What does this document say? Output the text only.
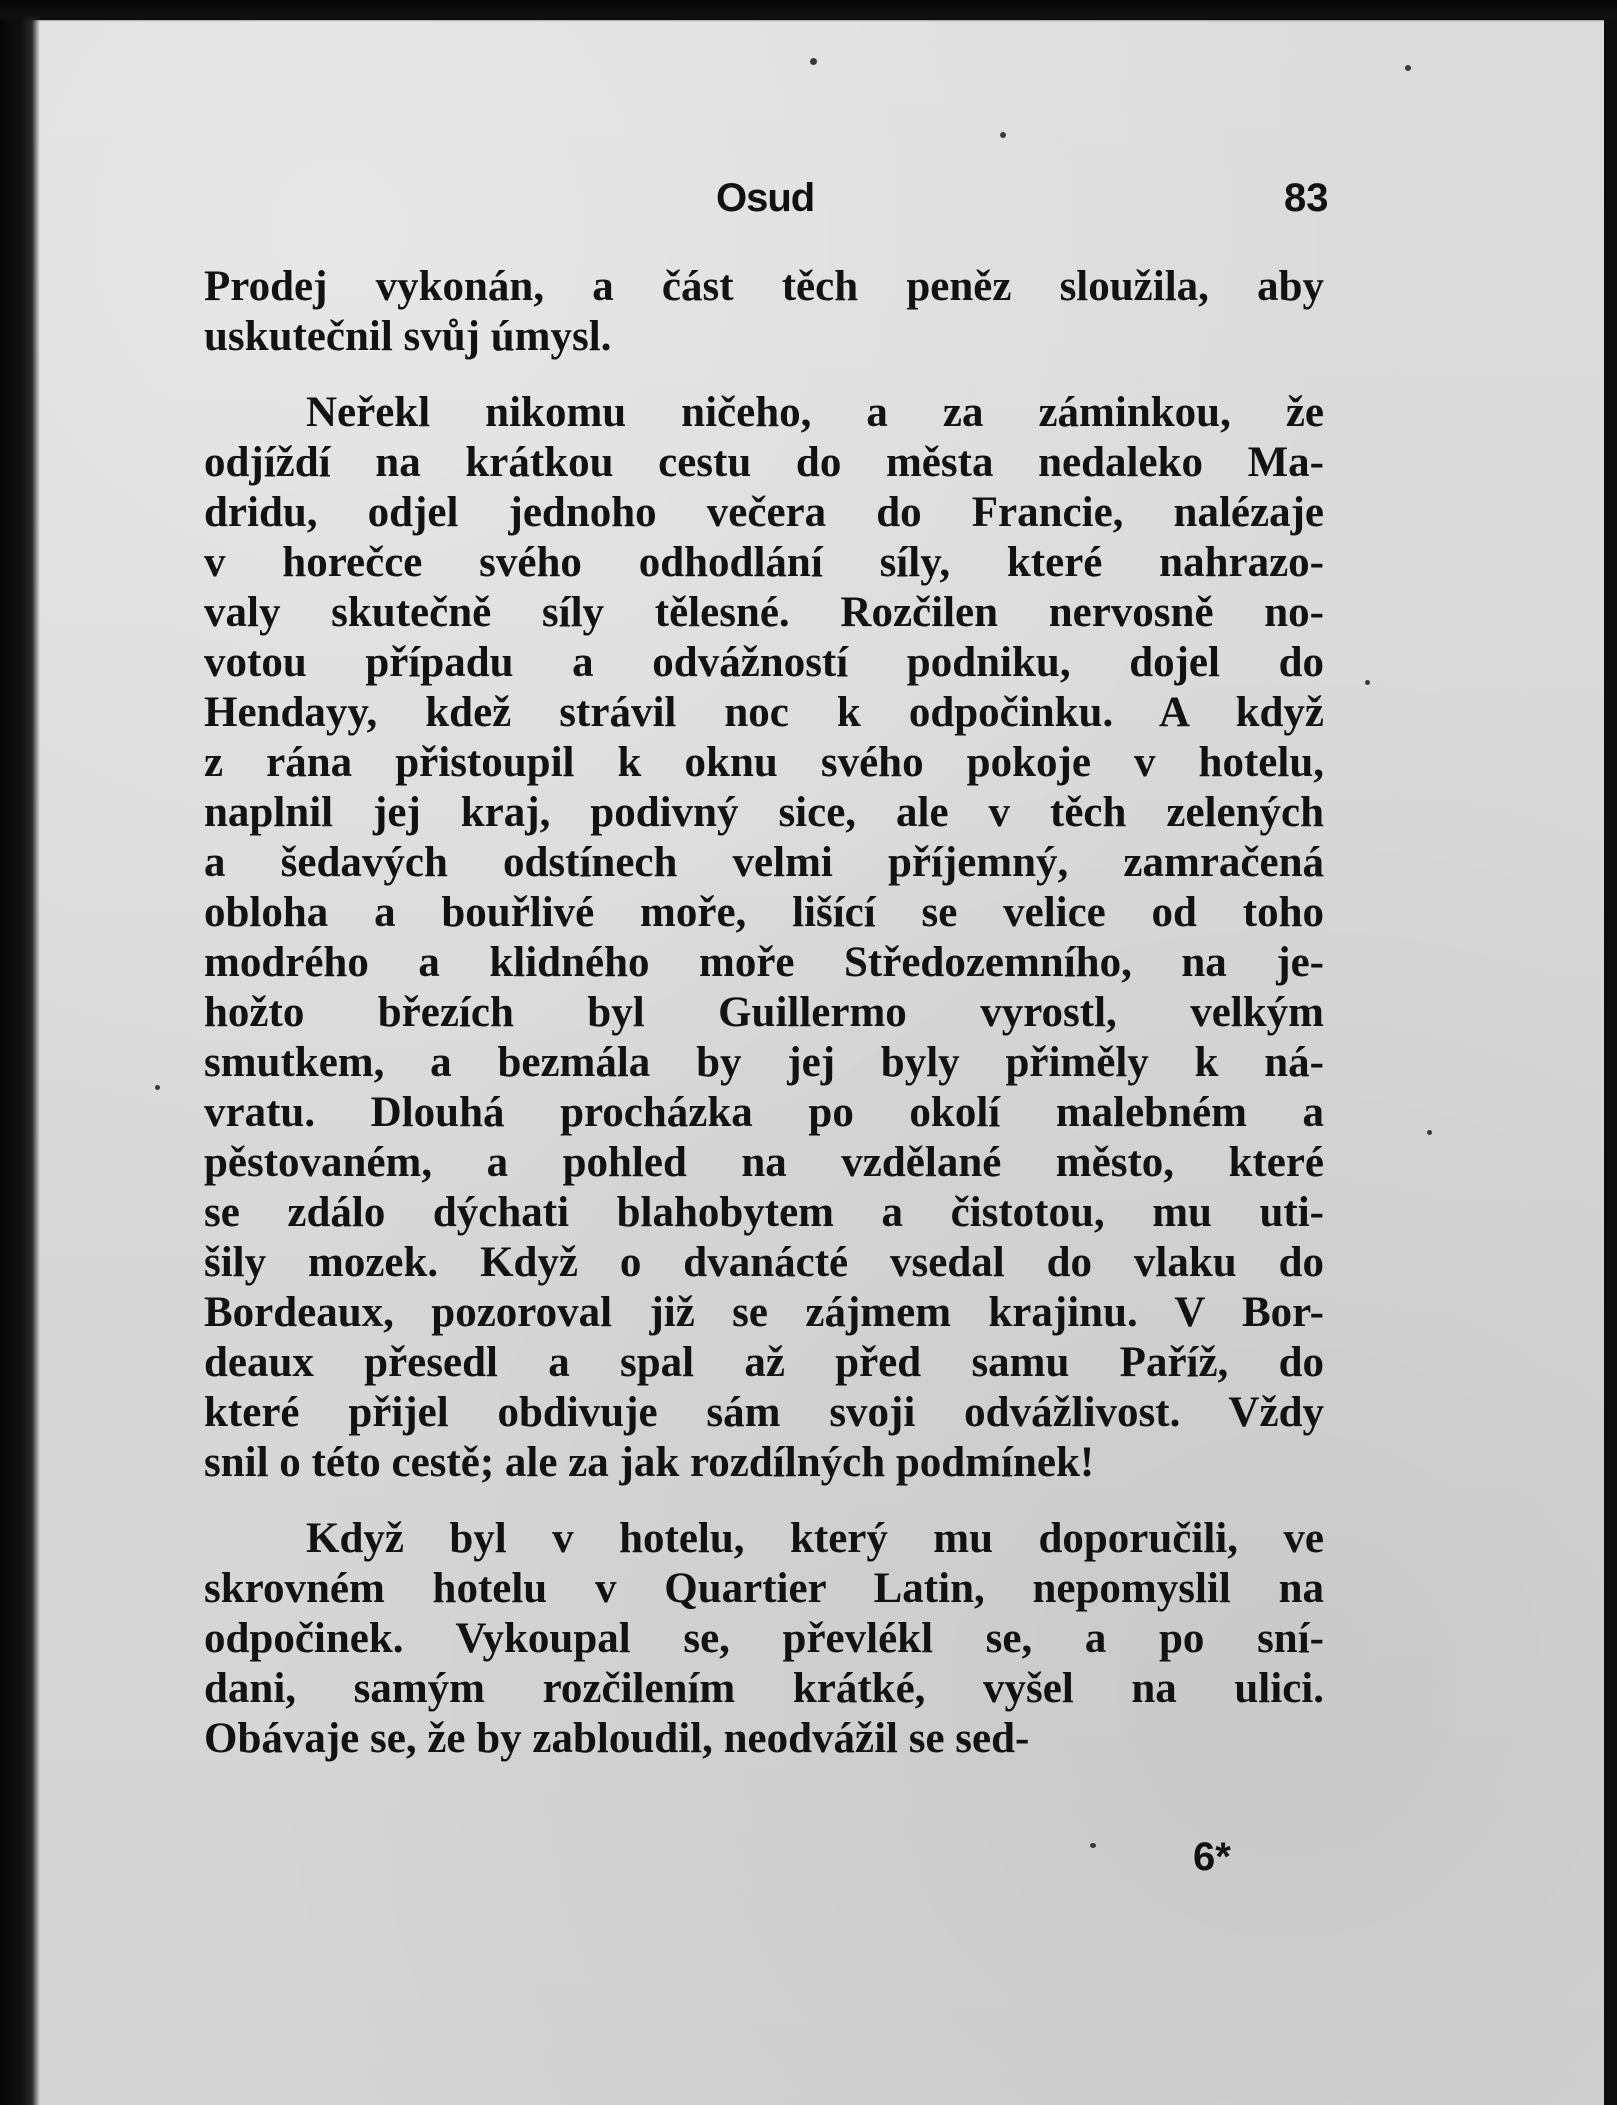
Osud	83

Prodej vykonán, a část těch peněz sloužila, aby
uskutečnil svůj úmysl.

Neřekl nikomu ničeho, a za záminkou, že
odjíždí na krátkou cestu do města nedaleko Ma-
dridu, odjel jednoho večera do Francie, nalézaje
v horečce svého odhodlání síly, které nahrazo-
valy skutečně síly tělesné. Rozčilen nervosně no-
votou případu a odvážností podniku, dojel do
Hendayy, kdež strávil noc k odpočinku. A když
z rána přistoupil k oknu svého pokoje v hotelu,
naplnil jej kraj, podivný sice, ale v těch zelených
a šedavých odstínech velmi příjemný, zamračená
obloha a bouřlivé moře, lišící se velice od toho
modrého a klidného moře Středozemního, na je-
hožto březích byl Guillermo vyrostl, velkým
smutkem, a bezmála by jej byly přiměly k ná-
vratu. Dlouhá procházka po okolí malebném a
pěstovaném, a pohled na vzdělané město, které
se zdálo dýchati blahobytem a čistotou, mu uti-
šily mozek. Když o dvanácté vsedal do vlaku do
Bordeaux, pozoroval již se zájmem krajinu. V Bor-
deaux přesedl a spal až před samu Paříž, do
které přijel obdivuje sám svoji odvážlivost. Vždy
snil o této cestě; ale za jak rozdílných podmínek!

Když byl v hotelu, který mu doporučili, ve
skrovném hotelu v Quartier Latin, nepomyslil na
odpočinek. Vykoupal se, převlékl se, a po sní-
dani, samým rozčilením krátké, vyšel na ulici.
Obávaje se, že by zabloudil, neodvážil se sed-

6*
